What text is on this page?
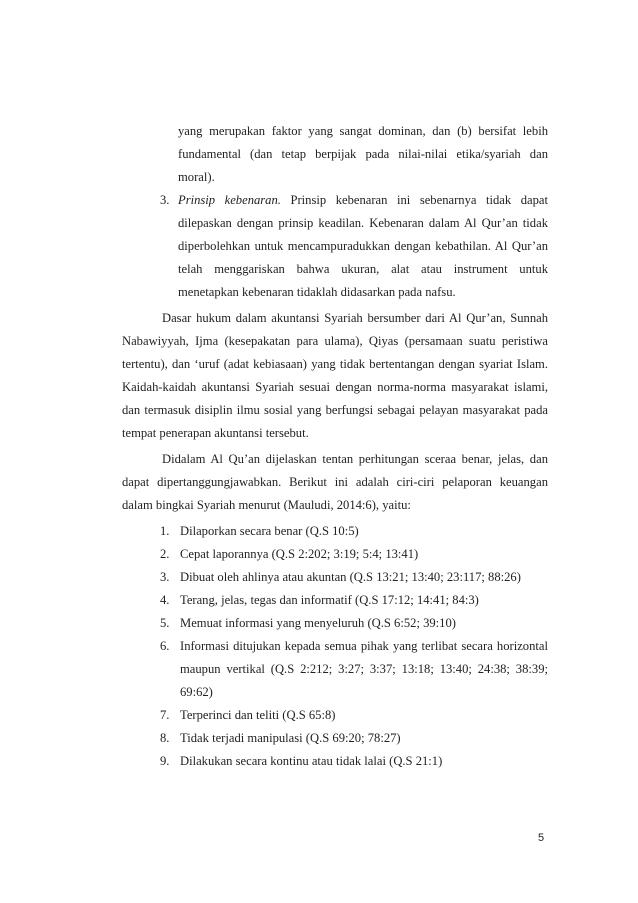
yang merupakan faktor yang sangat dominan, dan (b) bersifat lebih
fundamental (dan tetap berpijak pada nilai-nilai etika/syariah dan
moral).
3. Prinsip kebenaran. Prinsip kebenaran ini sebenarnya tidak dapat
dilepaskan dengan prinsip keadilan. Kebenaran dalam Al Qur’an tidak
diperbolehkan untuk mencampuradukkan dengan kebathilan. Al Qur’an
telah menggariskan bahwa ukuran, alat atau instrument untuk
menetapkan kebenaran tidaklah didasarkan pada nafsu.
Dasar hukum dalam akuntansi Syariah bersumber dari Al Qur’an, Sunnah
Nabawiyyah, Ijma (kesepakatan para ulama), Qiyas (persamaan suatu peristiwa
tertentu), dan ‘uruf (adat kebiasaan) yang tidak bertentangan dengan syariat Islam.
Kaidah-kaidah akuntansi Syariah sesuai dengan norma-norma masyarakat islami,
dan termasuk disiplin ilmu sosial yang berfungsi sebagai pelayan masyarakat pada
tempat penerapan akuntansi tersebut.
Didalam Al Qu’an dijelaskan tentan perhitungan sceraa benar, jelas, dan
dapat dipertanggungjawabkan. Berikut ini adalah ciri-ciri pelaporan keuangan
dalam bingkai Syariah menurut (Mauludi, 2014:6), yaitu:
1. Dilaporkan secara benar (Q.S 10:5)
2. Cepat laporannya (Q.S 2:202; 3:19; 5:4; 13:41)
3. Dibuat oleh ahlinya atau akuntan (Q.S 13:21; 13:40; 23:117; 88:26)
4. Terang, jelas, tegas dan informatif (Q.S 17:12; 14:41; 84:3)
5. Memuat informasi yang menyeluruh (Q.S 6:52; 39:10)
6. Informasi ditujukan kepada semua pihak yang terlibat secara horizontal
maupun vertikal (Q.S 2:212; 3:27; 3:37; 13:18; 13:40; 24:38; 38:39;
69:62)
7. Terperinci dan teliti (Q.S 65:8)
8. Tidak terjadi manipulasi (Q.S 69:20; 78:27)
9. Dilakukan secara kontinu atau tidak lalai (Q.S 21:1)
5
